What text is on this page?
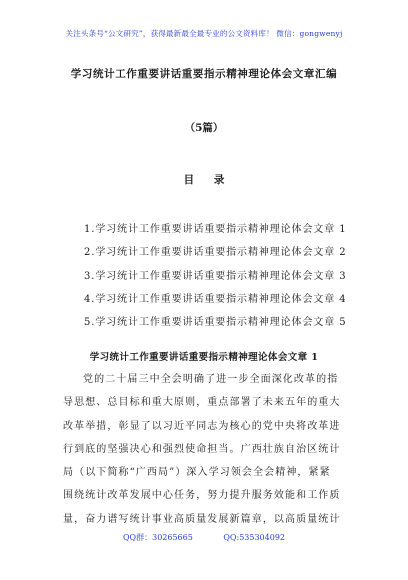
关注头条号“公文研究”，获得最新最全最专业的公文资料库！ 微信：gongwenyj
学习统计工作重要讲话重要指示精神理论体会文章汇编
（5篇）
目 录
1.学习统计工作重要讲话重要指示精神理论体会文章 1
2.学习统计工作重要讲话重要指示精神理论体会文章 2
3.学习统计工作重要讲话重要指示精神理论体会文章 3
4.学习统计工作重要讲话重要指示精神理论体会文章 4
5.学习统计工作重要讲话重要指示精神理论体会文章 5
学习统计工作重要讲话重要指示精神理论体会文章 1
党的二十届三中全会明确了进一步全面深化改革的指
导思想、总目标和重大原则，重点部署了未来五年的重大
改革举措，彰显了以习近平同志为核心的党中央将改革进
行到底的坚强决心和强烈使命担当。广西壮族自治区统计
局（以下简称“广西局”）深入学习领会全会精神，紧紧
围绕统计改革发展中心任务，努力提升服务效能和工作质
量，奋力谱写统计事业高质量发展新篇章，以高质量统计
QQ群：30265665	QQ:535304092
